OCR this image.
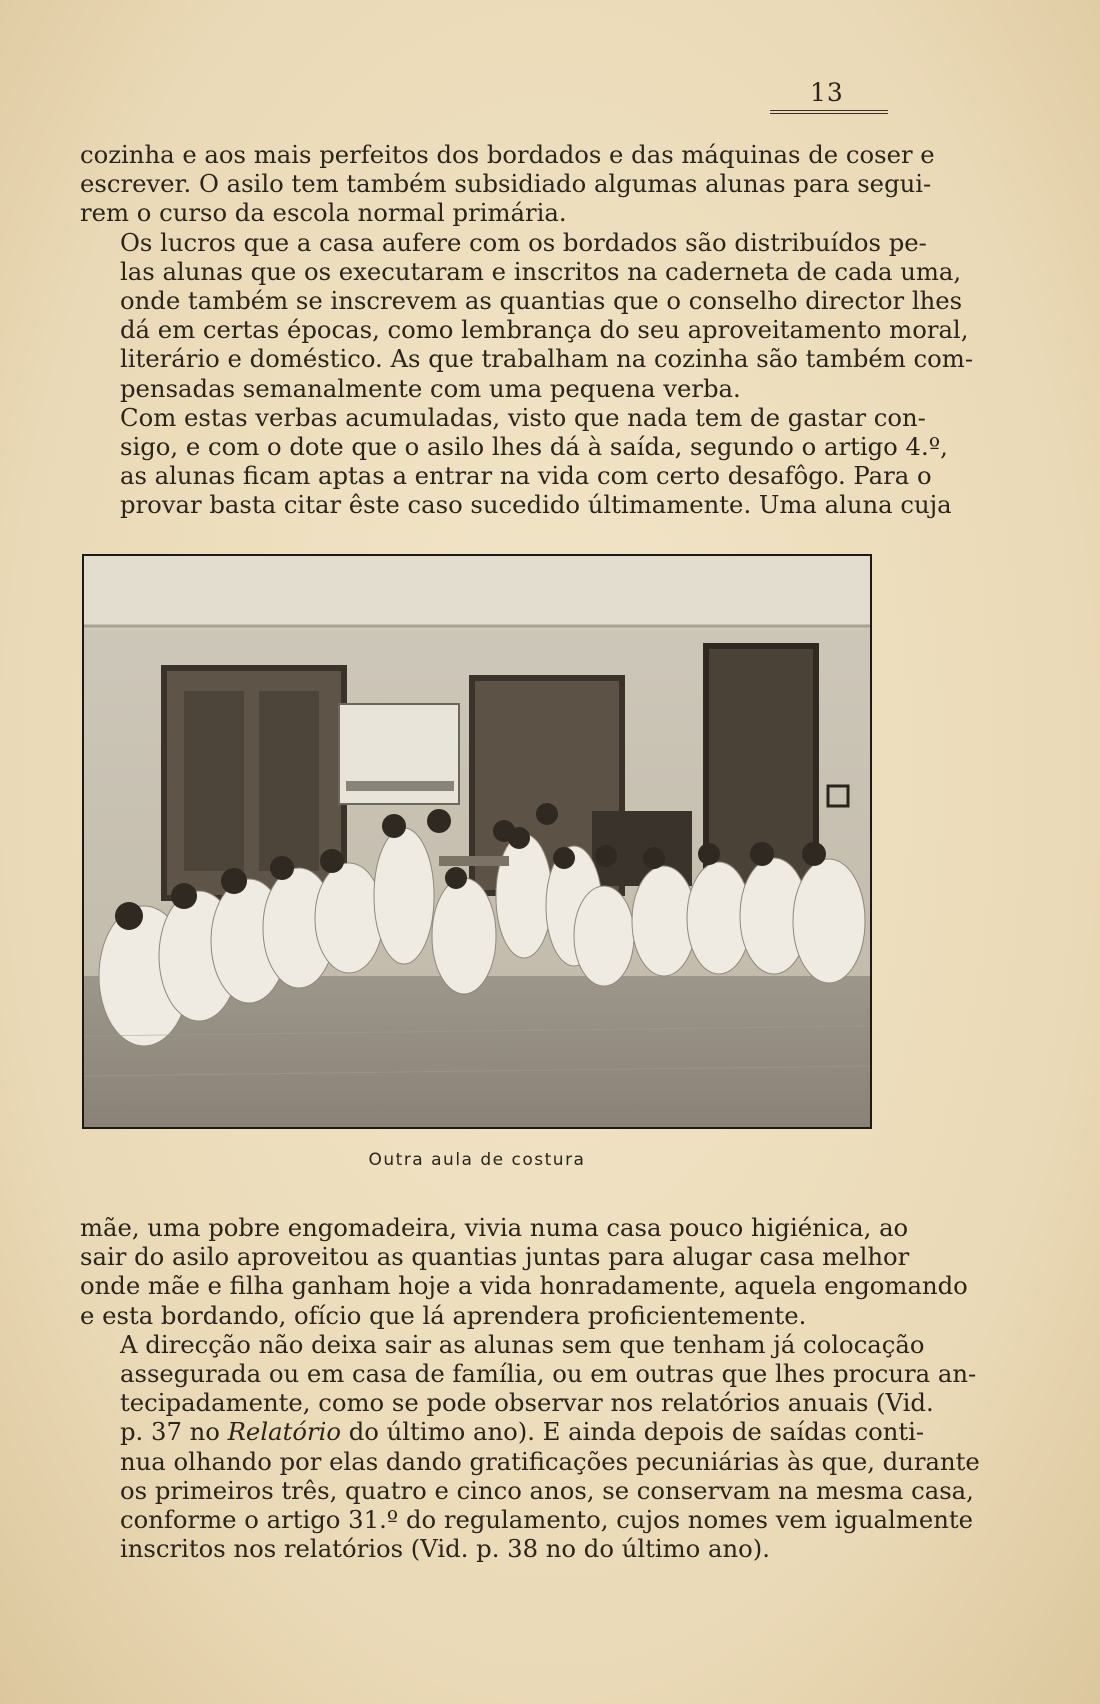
13

cozinha e aos mais perfeitos dos bordados e das máquinas de coser e
escrever. O asilo tem também subsidiado algumas alunas para segui-
rem o curso da escola normal primária.

Os lucros que a casa aufere com os bordados são distribuídos pe-
las alunas que os executaram e inscritos na caderneta de cada uma,
onde também se inscrevem as quantias que o conselho director lhes
dá em certas épocas, como lembrança do seu aproveitamento moral,
literário e doméstico. As que trabalham na cozinha são também com-
pensadas semanalmente com uma pequena verba.

Com estas verbas acumuladas, visto que nada tem de gastar con-
sigo, e com o dote que o asilo lhes dá à saída, segundo o artigo 4.º,
as alunas ficam aptas a entrar na vida com certo desafôgo. Para o
provar basta citar êste caso sucedido últimamente. Uma aluna cuja

Outra aula de costura

mãe, uma pobre engomadeira, vivia numa casa pouco higiénica, ao
sair do asilo aproveitou as quantias juntas para alugar casa melhor
onde mãe e filha ganham hoje a vida honradamente, aquela engomando
e esta bordando, ofício que lá aprendera proficientemente.

A direcção não deixa sair as alunas sem que tenham já colocação
assegurada ou em casa de família, ou em outras que lhes procura an-
tecipadamente, como se pode observar nos relatórios anuais (Vid.
p. 37 no Relatório do último ano). E ainda depois de saídas conti-
nua olhando por elas dando gratificações pecuniárias às que, durante
os primeiros três, quatro e cinco anos, se conservam na mesma casa,
conforme o artigo 31.º do regulamento, cujos nomes vem igualmente
inscritos nos relatórios (Vid. p. 38 no do último ano).
